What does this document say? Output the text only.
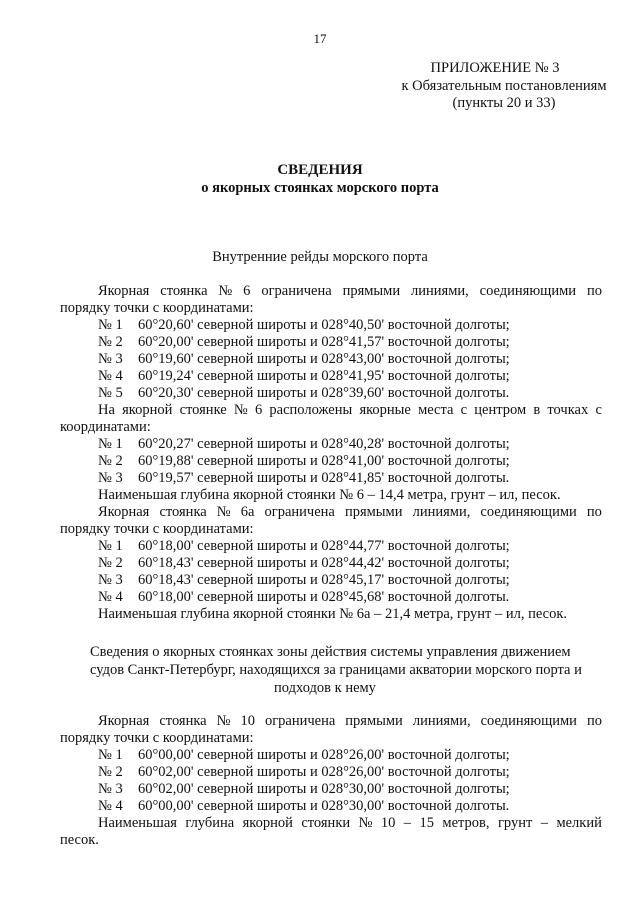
17
ПРИЛОЖЕНИЕ № 3
к Обязательным постановлениям
(пункты 20 и 33)
СВЕДЕНИЯ
о якорных стоянках морского порта
Внутренние рейды морского порта
Якорная стоянка № 6 ограничена прямыми линиями, соединяющими по
порядку точки с координатами:
№ 1 60°20,60' северной широты и 028°40,50' восточной долготы;
№ 2 60°20,00' северной широты и 028°41,57' восточной долготы;
№ 3 60°19,60' северной широты и 028°43,00' восточной долготы;
№ 4 60°19,24' северной широты и 028°41,95' восточной долготы;
№ 5 60°20,30' северной широты и 028°39,60' восточной долготы.
На якорной стоянке № 6 расположены якорные места с центром в точках с
координатами:
№ 1 60°20,27' северной широты и 028°40,28' восточной долготы;
№ 2 60°19,88' северной широты и 028°41,00' восточной долготы;
№ 3 60°19,57' северной широты и 028°41,85' восточной долготы.
Наименьшая глубина якорной стоянки № 6 – 14,4 метра, грунт – ил, песок.
Якорная стоянка № 6а ограничена прямыми линиями, соединяющими по
порядку точки с координатами:
№ 1 60°18,00' северной широты и 028°44,77' восточной долготы;
№ 2 60°18,43' северной широты и 028°44,42' восточной долготы;
№ 3 60°18,43' северной широты и 028°45,17' восточной долготы;
№ 4 60°18,00' северной широты и 028°45,68' восточной долготы.
Наименьшая глубина якорной стоянки № 6а – 21,4 метра, грунт – ил, песок.
Сведения о якорных стоянках зоны действия системы управления движением
судов Санкт-Петербург, находящихся за границами акватории морского порта и
подходов к нему
Якорная стоянка № 10 ограничена прямыми линиями, соединяющими по
порядку точки с координатами:
№ 1 60°00,00' северной широты и 028°26,00' восточной долготы;
№ 2 60°02,00' северной широты и 028°26,00' восточной долготы;
№ 3 60°02,00' северной широты и 028°30,00' восточной долготы;
№ 4 60°00,00' северной широты и 028°30,00' восточной долготы.
Наименьшая глубина якорной стоянки № 10 – 15 метров, грунт – мелкий
песок.
